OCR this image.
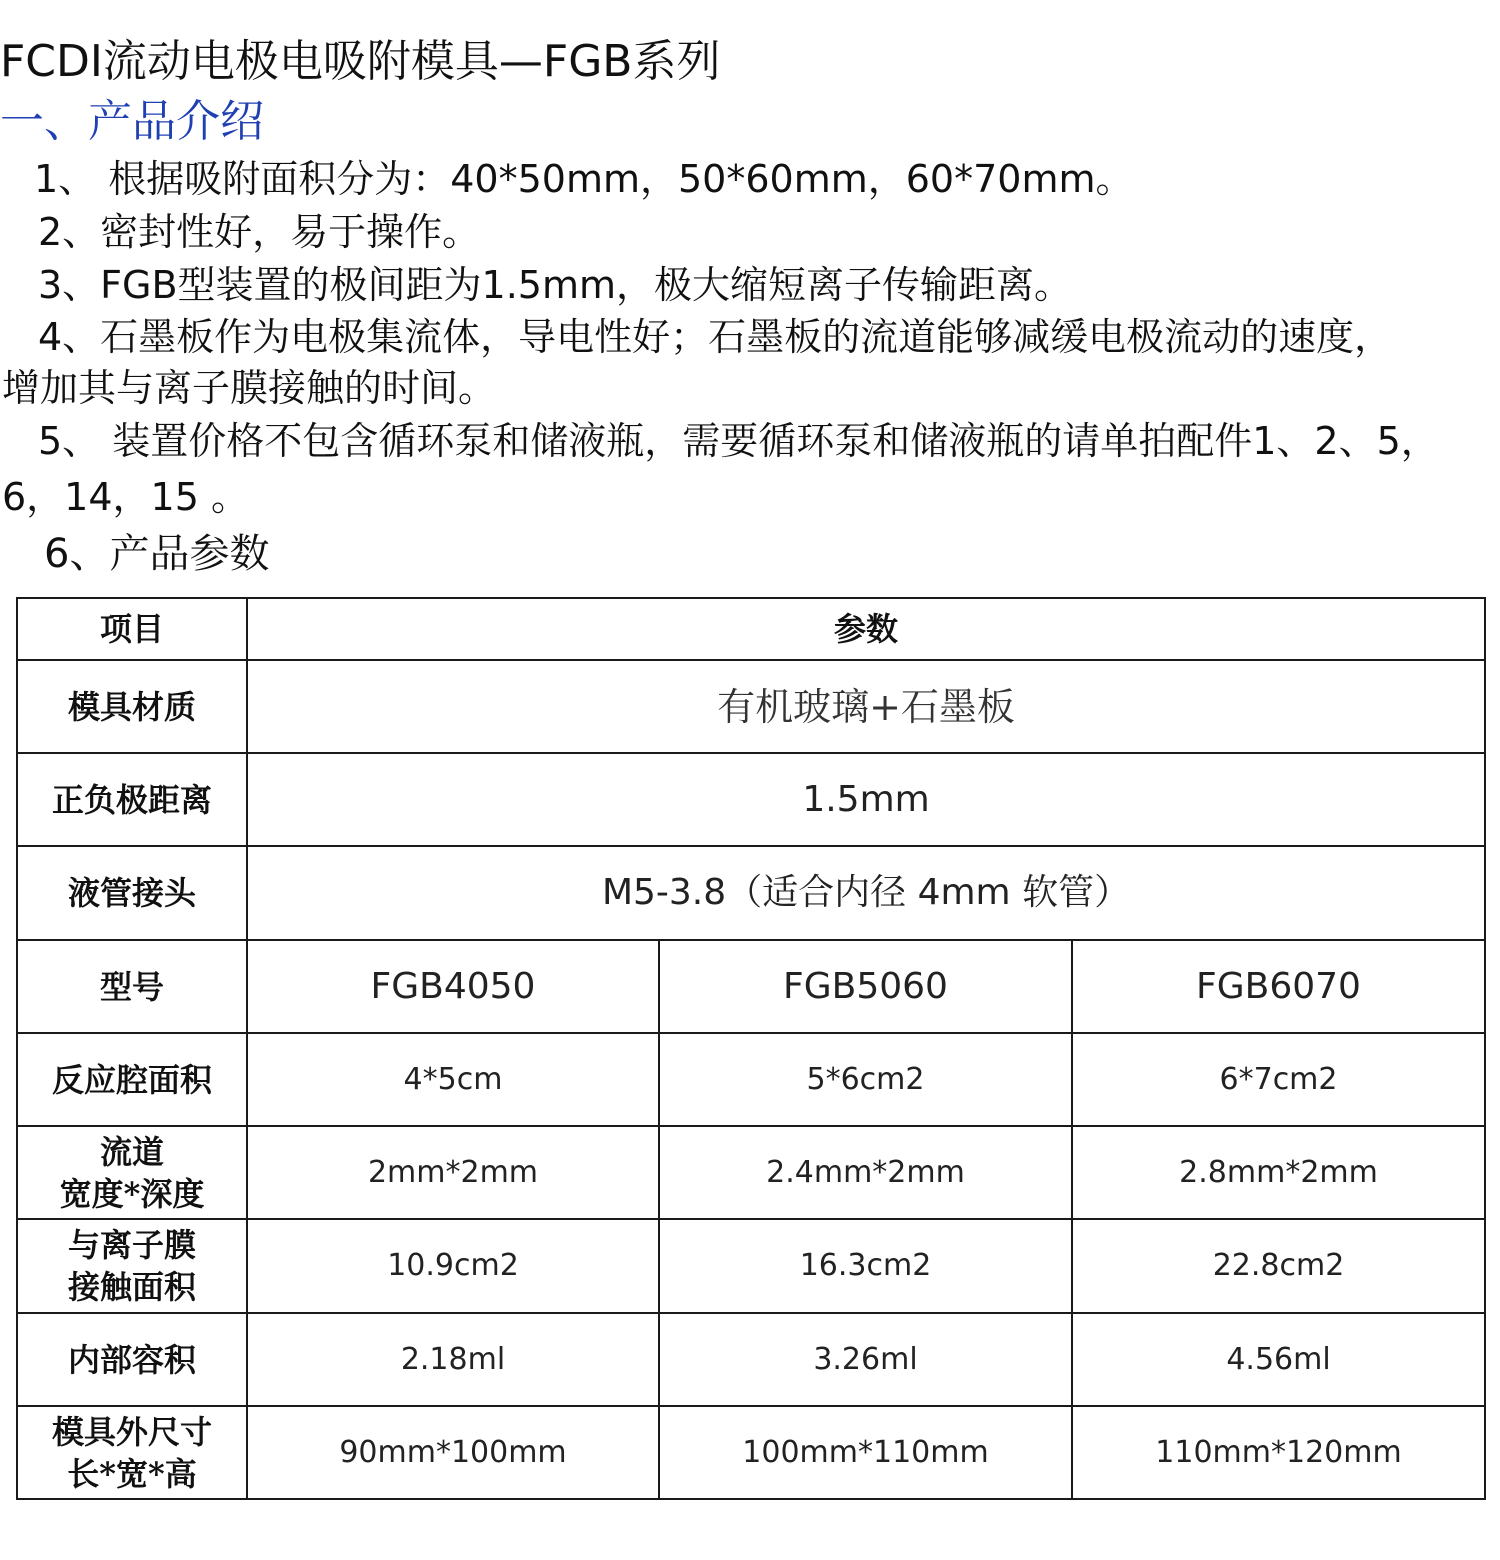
FCDI流动电极电吸附模具—FGB系列
一、产品介绍
1、 根据吸附面积分为：40*50mm，50*60mm，60*70mm。
2、密封性好，易于操作。
3、FGB型装置的极间距为1.5mm，极大缩短离子传输距离。
4、石墨板作为电极集流体，导电性好；石墨板的流道能够减缓电极流动的速度，
增加其与离子膜接触的时间。
5、 装置价格不包含循环泵和储液瓶，需要循环泵和储液瓶的请单拍配件1、2、5，
6，14，15 。
6、产品参数
项目	参数		
模具材质	有机玻璃+石墨板		
正负极距离	1.5mm		
液管接头	M5-3.8（适合内径 4mm 软管）		
型号	FGB4050	FGB5060	FGB6070
反应腔面积	4*5cm	5*6cm2	6*7cm2

流道
宽度*深度	2mm*2mm	2.4mm*2mm	2.8mm*2mm

与离子膜
接触面积	10.9cm2	16.3cm2	22.8cm2
内部容积	2.18ml	3.26ml	4.56ml

模具外尺寸
长*宽*高	90mm*100mm	100mm*110mm	110mm*120mm
